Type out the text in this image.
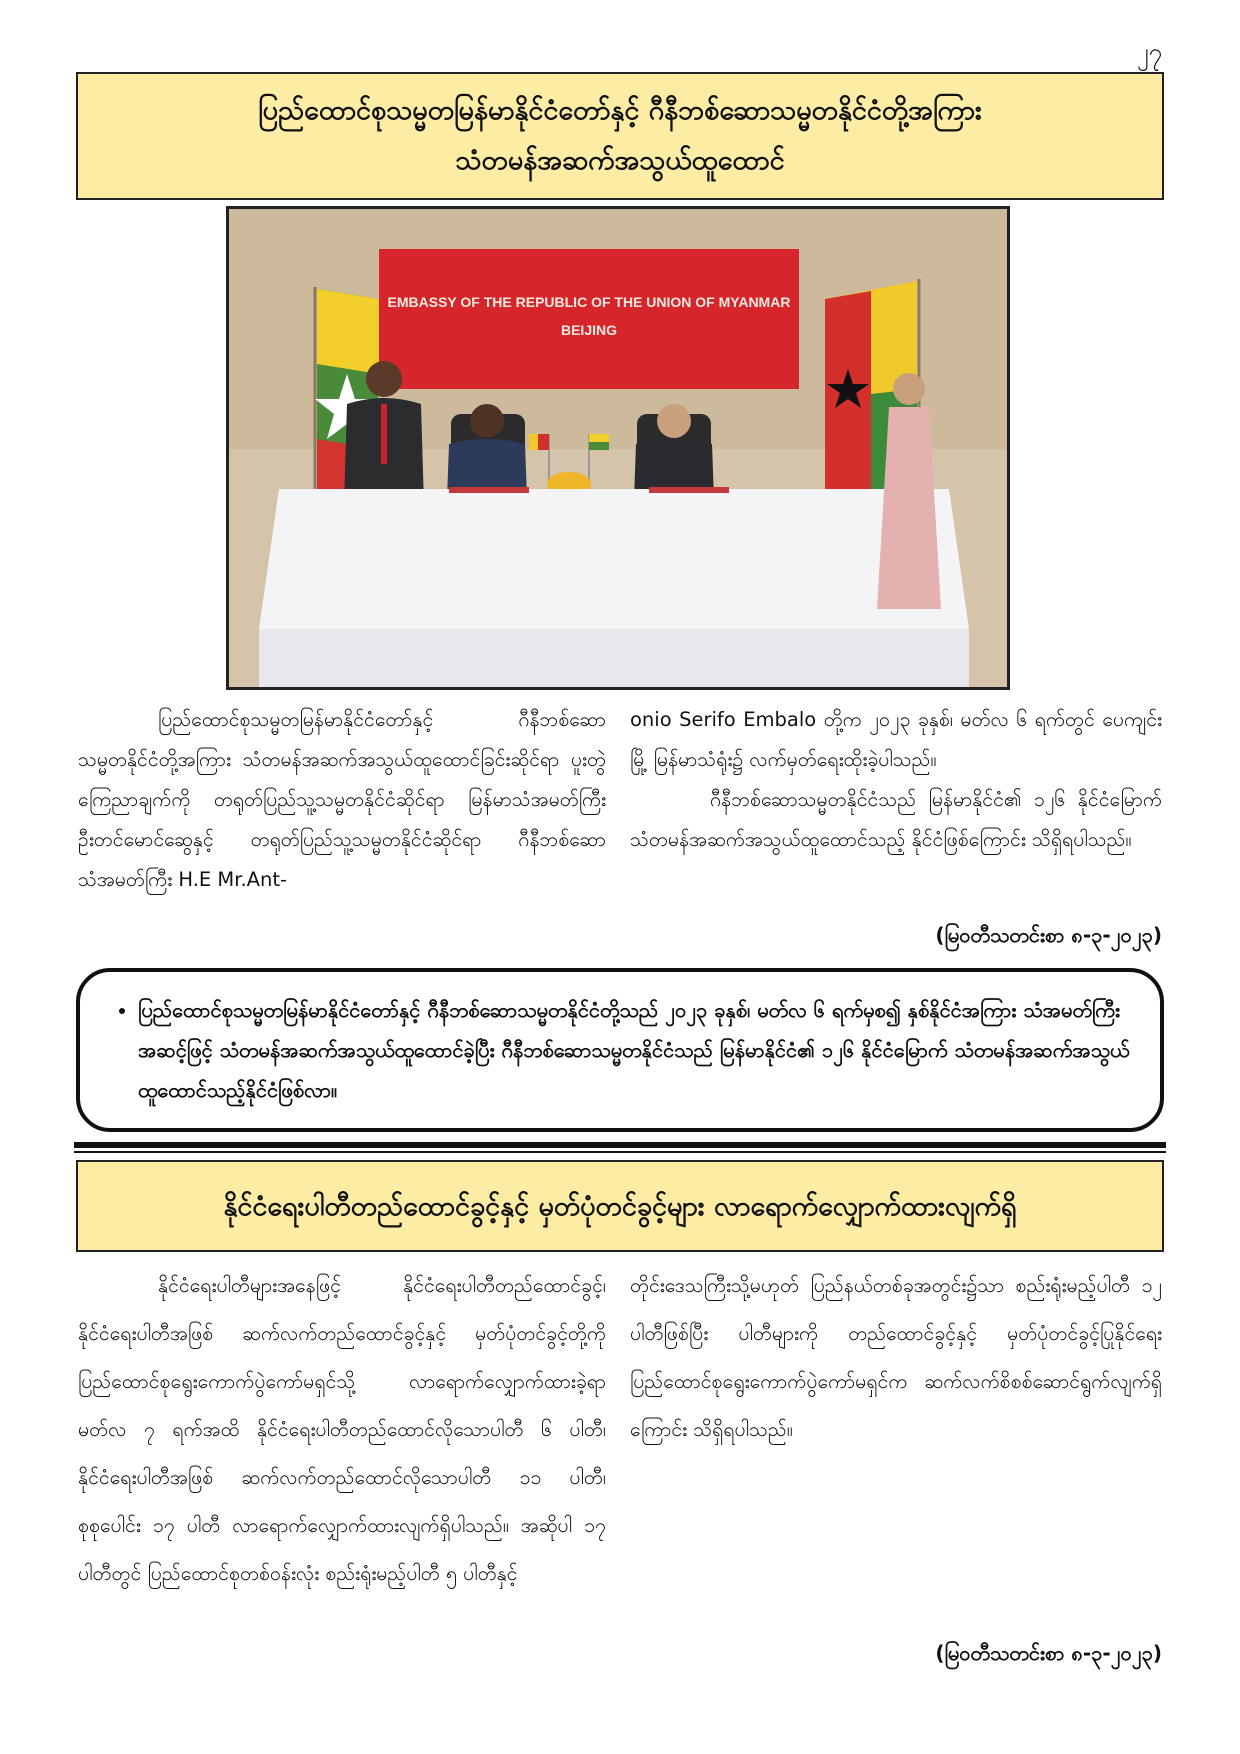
၂၇
ပြည်ထောင်စုသမ္မတမြန်မာနိုင်ငံတော်နှင့် ဂီနီဘစ်ဆောသမ္မတနိုင်ငံတို့အကြား
သံတမန်အဆက်အသွယ်ထူထောင်
EMBASSY OF THE REPUBLIC OF THE UNION OF MYANMAR
BEIJING

ပြည်ထောင်စုသမ္မတမြန်မာနိုင်ငံတော်နှင့် ဂီနီဘစ်ဆောသမ္မတနိုင်ငံတို့အကြား သံတမန်အဆက်အသွယ်ထူထောင်ခြင်းဆိုင်ရာ ပူးတွဲကြေညာချက်ကို တရုတ်ပြည်သူ့သမ္မတနိုင်ငံဆိုင်ရာ မြန်မာသံအမတ်ကြီး ဦးတင်မောင်ဆွေနှင့် တရုတ်ပြည်သူ့သမ္မတနိုင်ငံဆိုင်ရာ ဂီနီဘစ်ဆောသံအမတ်ကြီး H.E Mr.Ant-

onio Serifo Embalo တို့က ၂၀၂၃ ခုနှစ်၊ မတ်လ ၆ ရက်တွင် ပေကျင်းမြို့ မြန်မာသံရုံး၌ လက်မှတ်ရေးထိုးခဲ့ပါသည်။

ဂီနီဘစ်ဆောသမ္မတနိုင်ငံသည် မြန်မာနိုင်ငံ၏ ၁၂၆ နိုင်ငံမြောက် သံတမန်အဆက်အသွယ်ထူထောင်သည့် နိုင်ငံဖြစ်ကြောင်း သိရှိရပါသည်။

(မြဝတီသတင်းစာ ၈-၃-၂၀၂၃)
• ပြည်ထောင်စုသမ္မတမြန်မာနိုင်ငံတော်နှင့် ဂီနီဘစ်ဆောသမ္မတနိုင်ငံတို့သည် ၂၀၂၃ ခုနှစ်၊ မတ်လ ၆ ရက်မှစ၍ နှစ်နိုင်ငံအကြား သံအမတ်ကြီးအဆင့်ဖြင့် သံတမန်အဆက်အသွယ်ထူထောင်ခဲ့ပြီး ဂီနီဘစ်ဆောသမ္မတနိုင်ငံသည် မြန်မာနိုင်ငံ၏ ၁၂၆ နိုင်ငံမြောက် သံတမန်အဆက်အသွယ်ထူထောင်သည့်နိုင်ငံဖြစ်လာ။
နိုင်ငံရေးပါတီတည်ထောင်ခွင့်နှင့် မှတ်ပုံတင်ခွင့်များ လာရောက်လျှောက်ထားလျက်ရှိ

နိုင်ငံရေးပါတီများအနေဖြင့် နိုင်ငံရေးပါတီတည်ထောင်ခွင့်၊ နိုင်ငံရေးပါတီအဖြစ် ဆက်လက်တည်ထောင်ခွင့်နှင့် မှတ်ပုံတင်ခွင့်တို့ကို ပြည်ထောင်စုရွေးကောက်ပွဲကော်မရှင်သို့ လာရောက်လျှောက်ထားခဲ့ရာ မတ်လ ၇ ရက်အထိ နိုင်ငံရေးပါတီတည်ထောင်လိုသောပါတီ ၆ ပါတီ၊ နိုင်ငံရေးပါတီအဖြစ် ဆက်လက်တည်ထောင်လိုသောပါတီ ၁၁ ပါတီ၊ စုစုပေါင်း ၁၇ ပါတီ လာရောက်လျှောက်ထားလျက်ရှိပါသည်။ အဆိုပါ ၁၇ ပါတီတွင် ပြည်ထောင်စုတစ်ဝန်းလုံး စည်းရုံးမည့်ပါတီ ၅ ပါတီနှင့်

တိုင်းဒေသကြီးသို့မဟုတ် ပြည်နယ်တစ်ခုအတွင်း၌သာ စည်းရုံးမည့်ပါတီ ၁၂ ပါတီဖြစ်ပြီး ပါတီများကို တည်ထောင်ခွင့်နှင့် မှတ်ပုံတင်ခွင့်ပြုနိုင်ရေး ပြည်ထောင်စုရွေးကောက်ပွဲကော်မရှင်က ဆက်လက်စိစစ်ဆောင်ရွက်လျက်ရှိကြောင်း သိရှိရပါသည်။

(မြဝတီသတင်းစာ ၈-၃-၂၀၂၃)
